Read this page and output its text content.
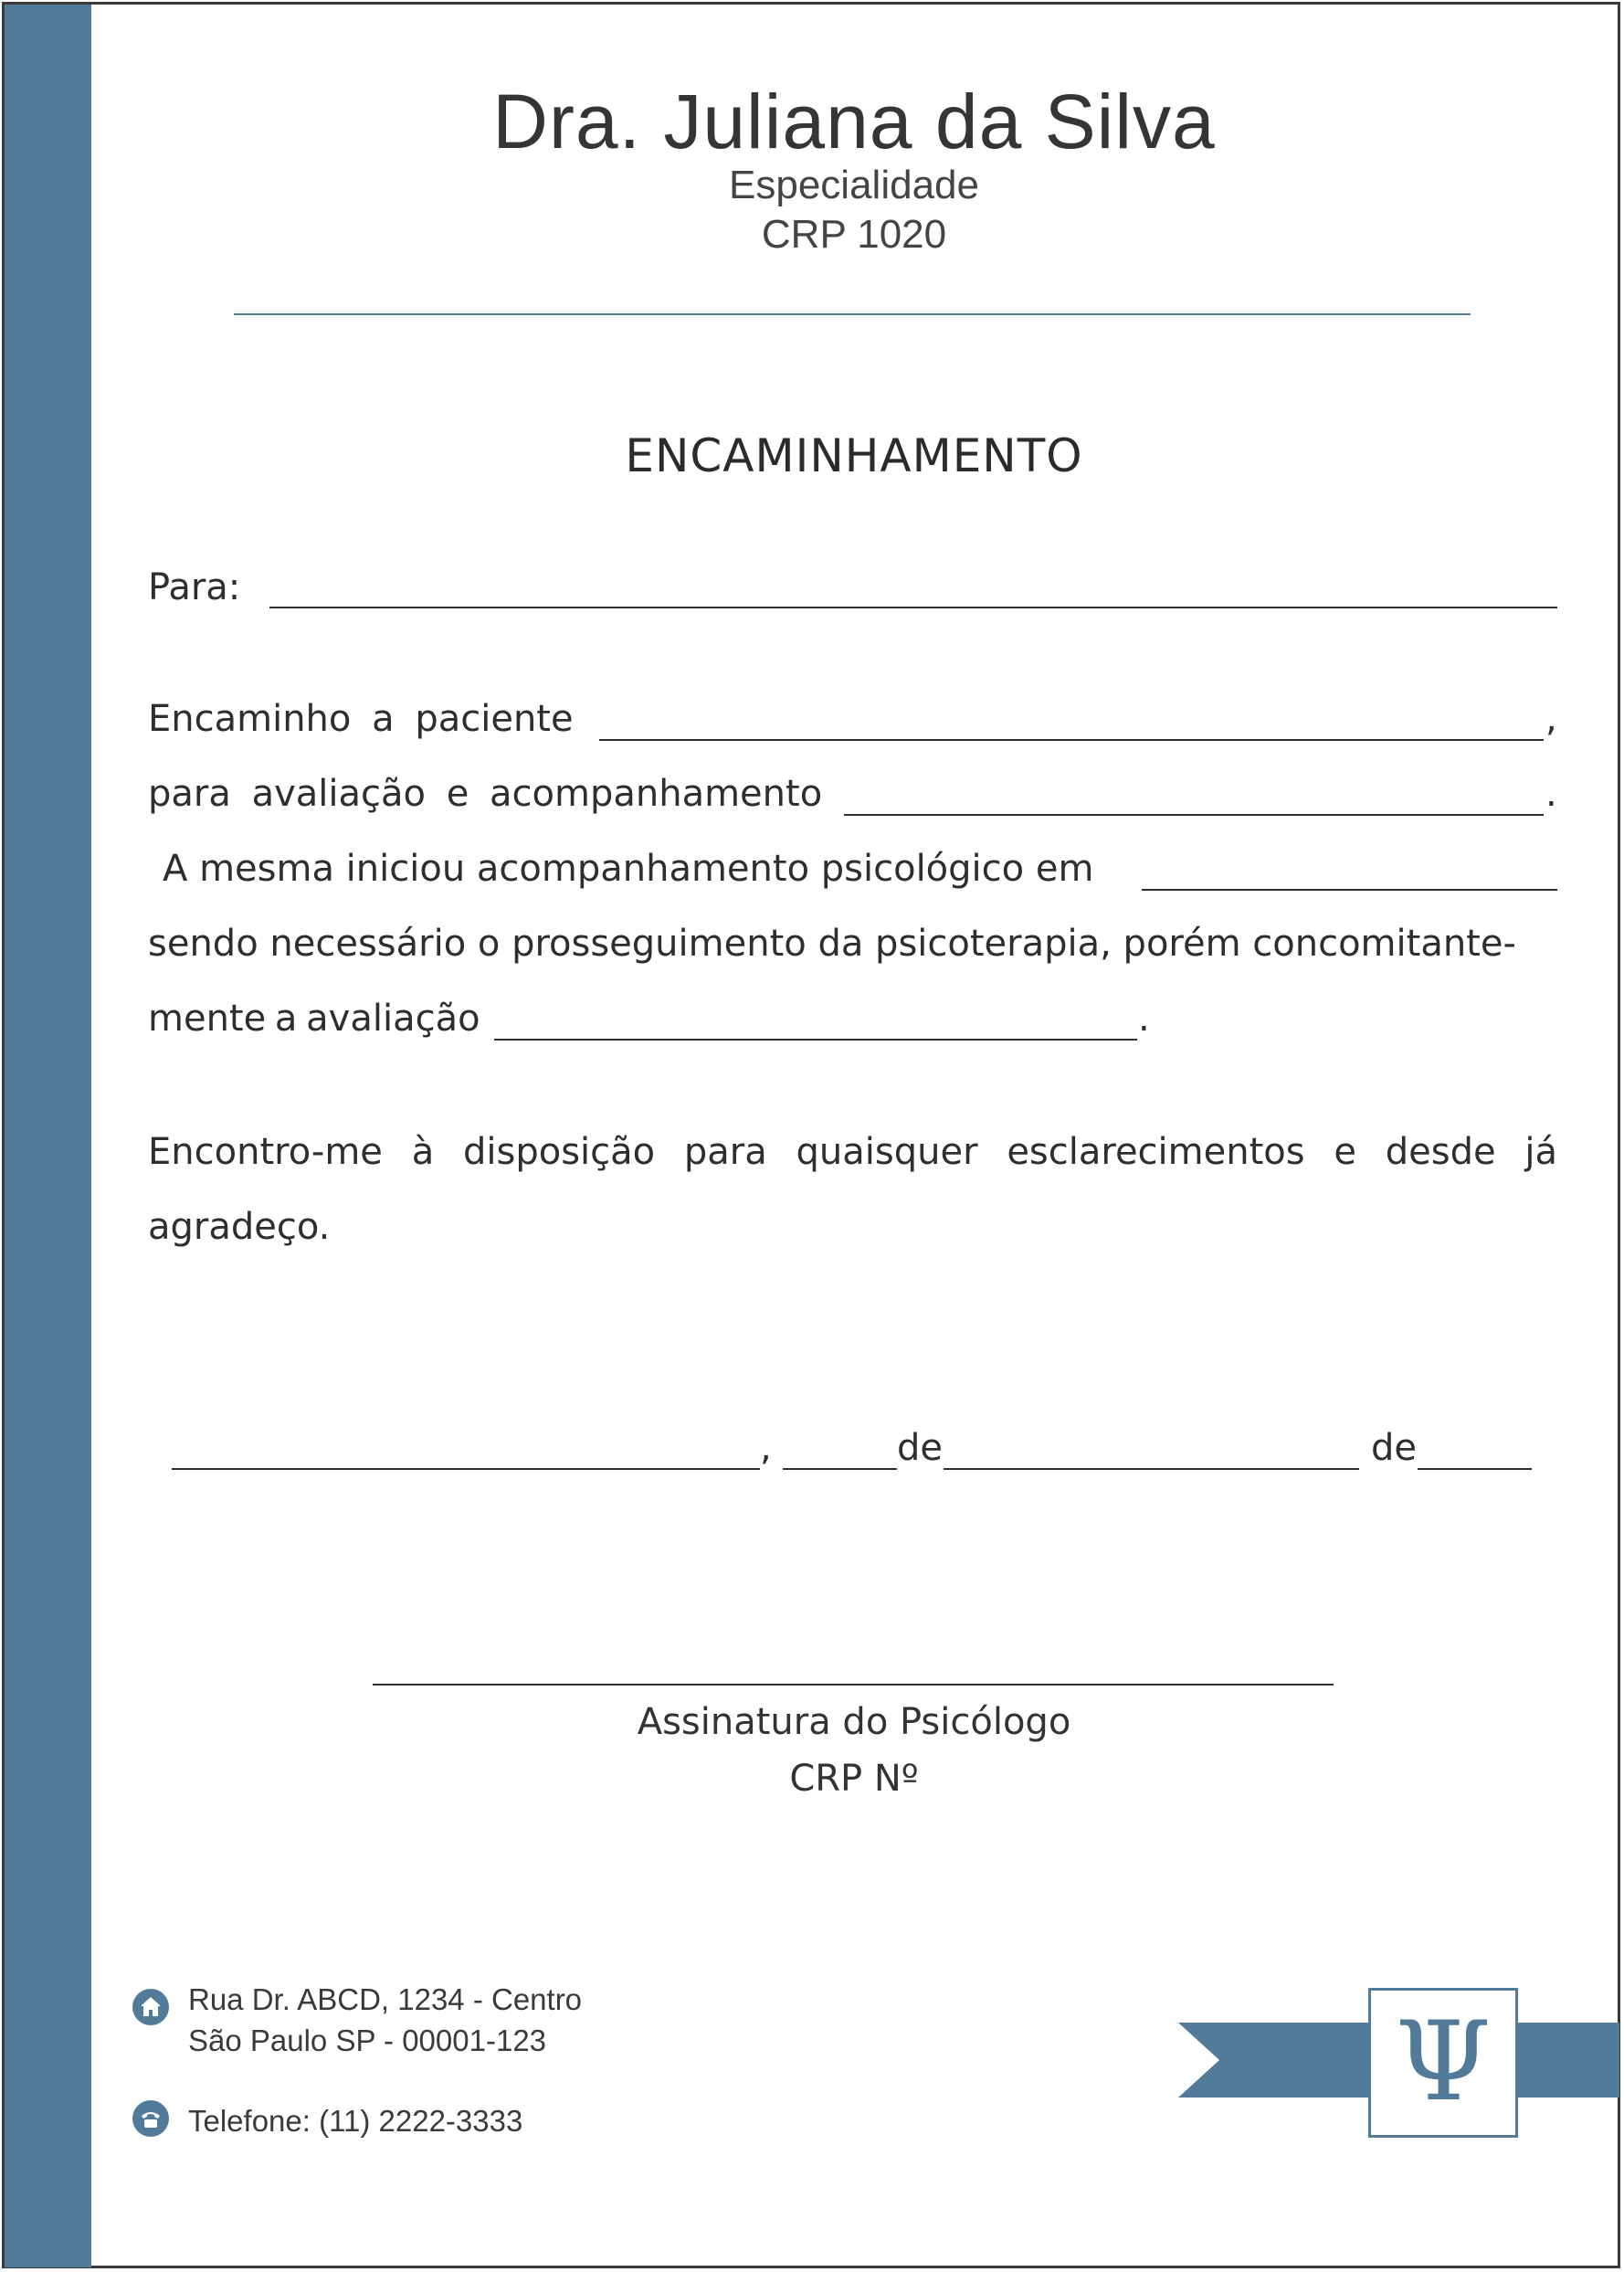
Dra. Juliana da Silva
Especialidade
CRP 1020
ENCAMINHAMENTO
Para:
Encaminho a paciente	,
para avaliação e acompanhamento	.
A mesma iniciou acompanhamento psicológico em
sendo necessário o prosseguimento da psicoterapia, porém concomitante-
mente a avaliação	.
Encontro-me à disposição para quaisquer esclarecimentos e desde já
agradeço.
,	de	de
Assinatura do Psicólogo
CRP Nº
Rua Dr. ABCD, 1234 - Centro
São Paulo SP - 00001-123
Telefone: (11) 2222-3333	Ψ
